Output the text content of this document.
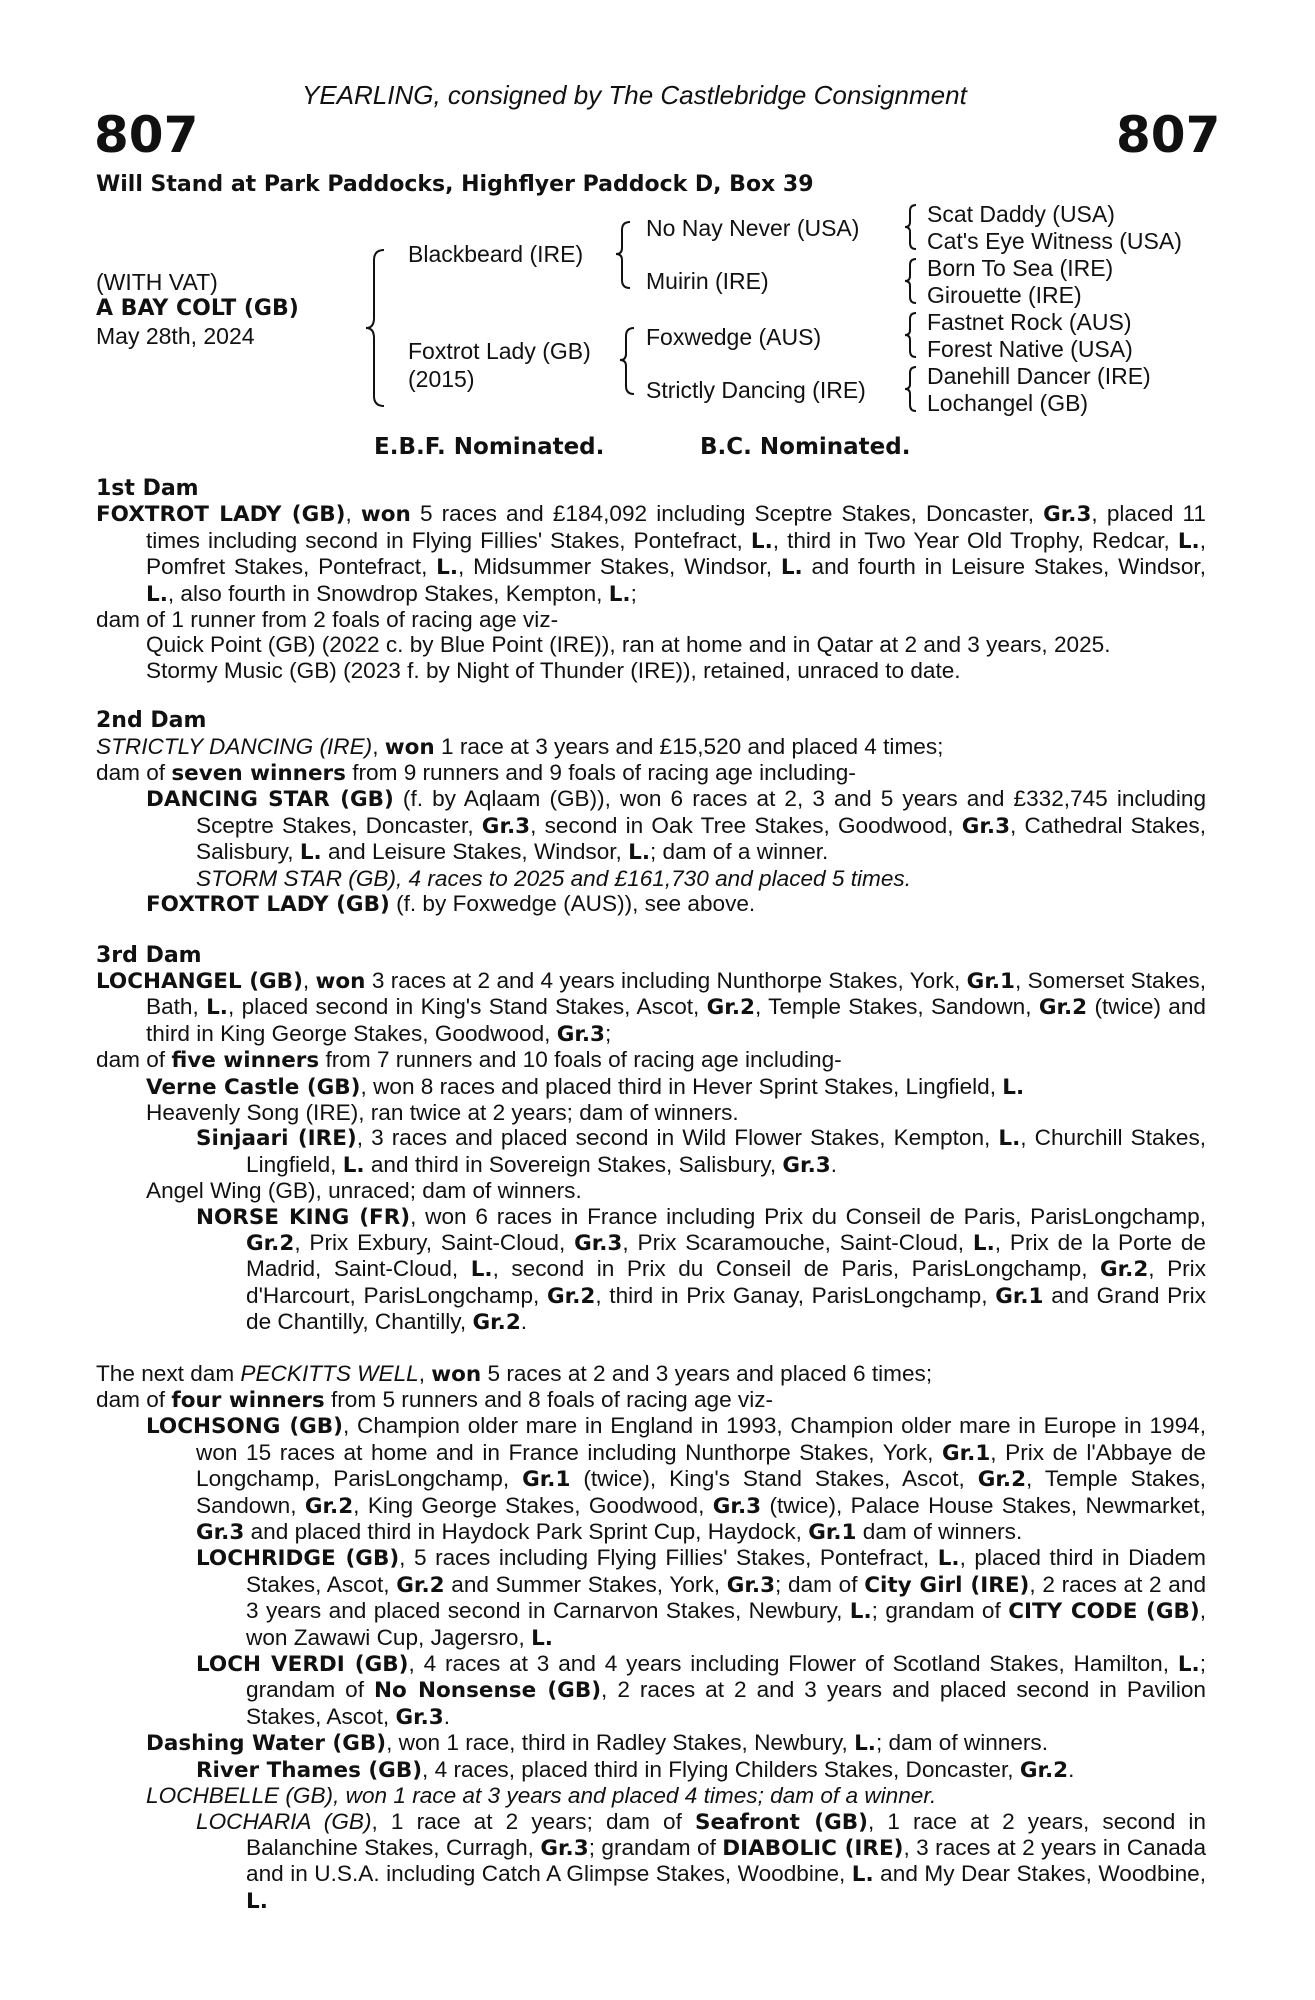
YEARLING, consigned by The Castlebridge Consignment
807	807
Will Stand at Park Paddocks, Highflyer Paddock D, Box 39
(WITH VAT)
A BAY COLT (GB)
May 28th, 2024
Blackbeard (IRE)
Foxtrot Lady (GB)
(2015)
No Nay Never (USA)
Muirin (IRE)
Foxwedge (AUS)
Strictly Dancing (IRE)
Scat Daddy (USA)
Cat's Eye Witness (USA)
Born To Sea (IRE)
Girouette (IRE)
Fastnet Rock (AUS)
Forest Native (USA)
Danehill Dancer (IRE)
Lochangel (GB)
E.B.F. Nominated.	B.C. Nominated.

1st Dam

FOXTROT LADY (GB), won 5 races and £184,092 including Sceptre Stakes, Doncaster, Gr.3, placed 11 times including second in Flying Fillies' Stakes, Pontefract, L., third in Two Year Old Trophy, Redcar, L., Pomfret Stakes, Pontefract, L., Midsummer Stakes, Windsor, L. and fourth in Leisure Stakes, Windsor, L., also fourth in Snowdrop Stakes, Kempton, L.;

dam of 1 runner from 2 foals of racing age viz-

Quick Point (GB) (2022 c. by Blue Point (IRE)), ran at home and in Qatar at 2 and 3 years, 2025.

Stormy Music (GB) (2023 f. by Night of Thunder (IRE)), retained, unraced to date.

2nd Dam

STRICTLY DANCING (IRE), won 1 race at 3 years and £15,520 and placed 4 times;

dam of seven winners from 9 runners and 9 foals of racing age including-

DANCING STAR (GB) (f. by Aqlaam (GB)), won 6 races at 2, 3 and 5 years and £332,745 including Sceptre Stakes, Doncaster, Gr.3, second in Oak Tree Stakes, Goodwood, Gr.3, Cathedral Stakes, Salisbury, L. and Leisure Stakes, Windsor, L.; dam of a winner.

STORM STAR (GB), 4 races to 2025 and £161,730 and placed 5 times.

FOXTROT LADY (GB) (f. by Foxwedge (AUS)), see above.

3rd Dam

LOCHANGEL (GB), won 3 races at 2 and 4 years including Nunthorpe Stakes, York, Gr.1, Somerset Stakes, Bath, L., placed second in King's Stand Stakes, Ascot, Gr.2, Temple Stakes, Sandown, Gr.2 (twice) and third in King George Stakes, Goodwood, Gr.3;

dam of five winners from 7 runners and 10 foals of racing age including-

Verne Castle (GB), won 8 races and placed third in Hever Sprint Stakes, Lingfield, L.

Heavenly Song (IRE), ran twice at 2 years; dam of winners.

Sinjaari (IRE), 3 races and placed second in Wild Flower Stakes, Kempton, L., Churchill Stakes, Lingfield, L. and third in Sovereign Stakes, Salisbury, Gr.3.

Angel Wing (GB), unraced; dam of winners.

NORSE KING (FR), won 6 races in France including Prix du Conseil de Paris, ParisLongchamp, Gr.2, Prix Exbury, Saint-Cloud, Gr.3, Prix Scaramouche, Saint-Cloud, L., Prix de la Porte de Madrid, Saint-Cloud, L., second in Prix du Conseil de Paris, ParisLongchamp, Gr.2, Prix d'Harcourt, ParisLongchamp, Gr.2, third in Prix Ganay, ParisLongchamp, Gr.1 and Grand Prix de Chantilly, Chantilly, Gr.2.

The next dam PECKITTS WELL, won 5 races at 2 and 3 years and placed 6 times;

dam of four winners from 5 runners and 8 foals of racing age viz-

LOCHSONG (GB), Champion older mare in England in 1993, Champion older mare in Europe in 1994, won 15 races at home and in France including Nunthorpe Stakes, York, Gr.1, Prix de l'Abbaye de Longchamp, ParisLongchamp, Gr.1 (twice), King's Stand Stakes, Ascot, Gr.2, Temple Stakes, Sandown, Gr.2, King George Stakes, Goodwood, Gr.3 (twice), Palace House Stakes, Newmarket, Gr.3 and placed third in Haydock Park Sprint Cup, Haydock, Gr.1 dam of winners.

LOCHRIDGE (GB), 5 races including Flying Fillies' Stakes, Pontefract, L., placed third in Diadem Stakes, Ascot, Gr.2 and Summer Stakes, York, Gr.3; dam of City Girl (IRE), 2 races at 2 and 3 years and placed second in Carnarvon Stakes, Newbury, L.; grandam of CITY CODE (GB), won Zawawi Cup, Jagersro, L.

LOCH VERDI (GB), 4 races at 3 and 4 years including Flower of Scotland Stakes, Hamilton, L.; grandam of No Nonsense (GB), 2 races at 2 and 3 years and placed second in Pavilion Stakes, Ascot, Gr.3.

Dashing Water (GB), won 1 race, third in Radley Stakes, Newbury, L.; dam of winners.

River Thames (GB), 4 races, placed third in Flying Childers Stakes, Doncaster, Gr.2.

LOCHBELLE (GB), won 1 race at 3 years and placed 4 times; dam of a winner.

LOCHARIA (GB), 1 race at 2 years; dam of Seafront (GB), 1 race at 2 years, second in Balanchine Stakes, Curragh, Gr.3; grandam of DIABOLIC (IRE), 3 races at 2 years in Canada and in U.S.A. including Catch A Glimpse Stakes, Woodbine, L. and My Dear Stakes, Woodbine, L.
